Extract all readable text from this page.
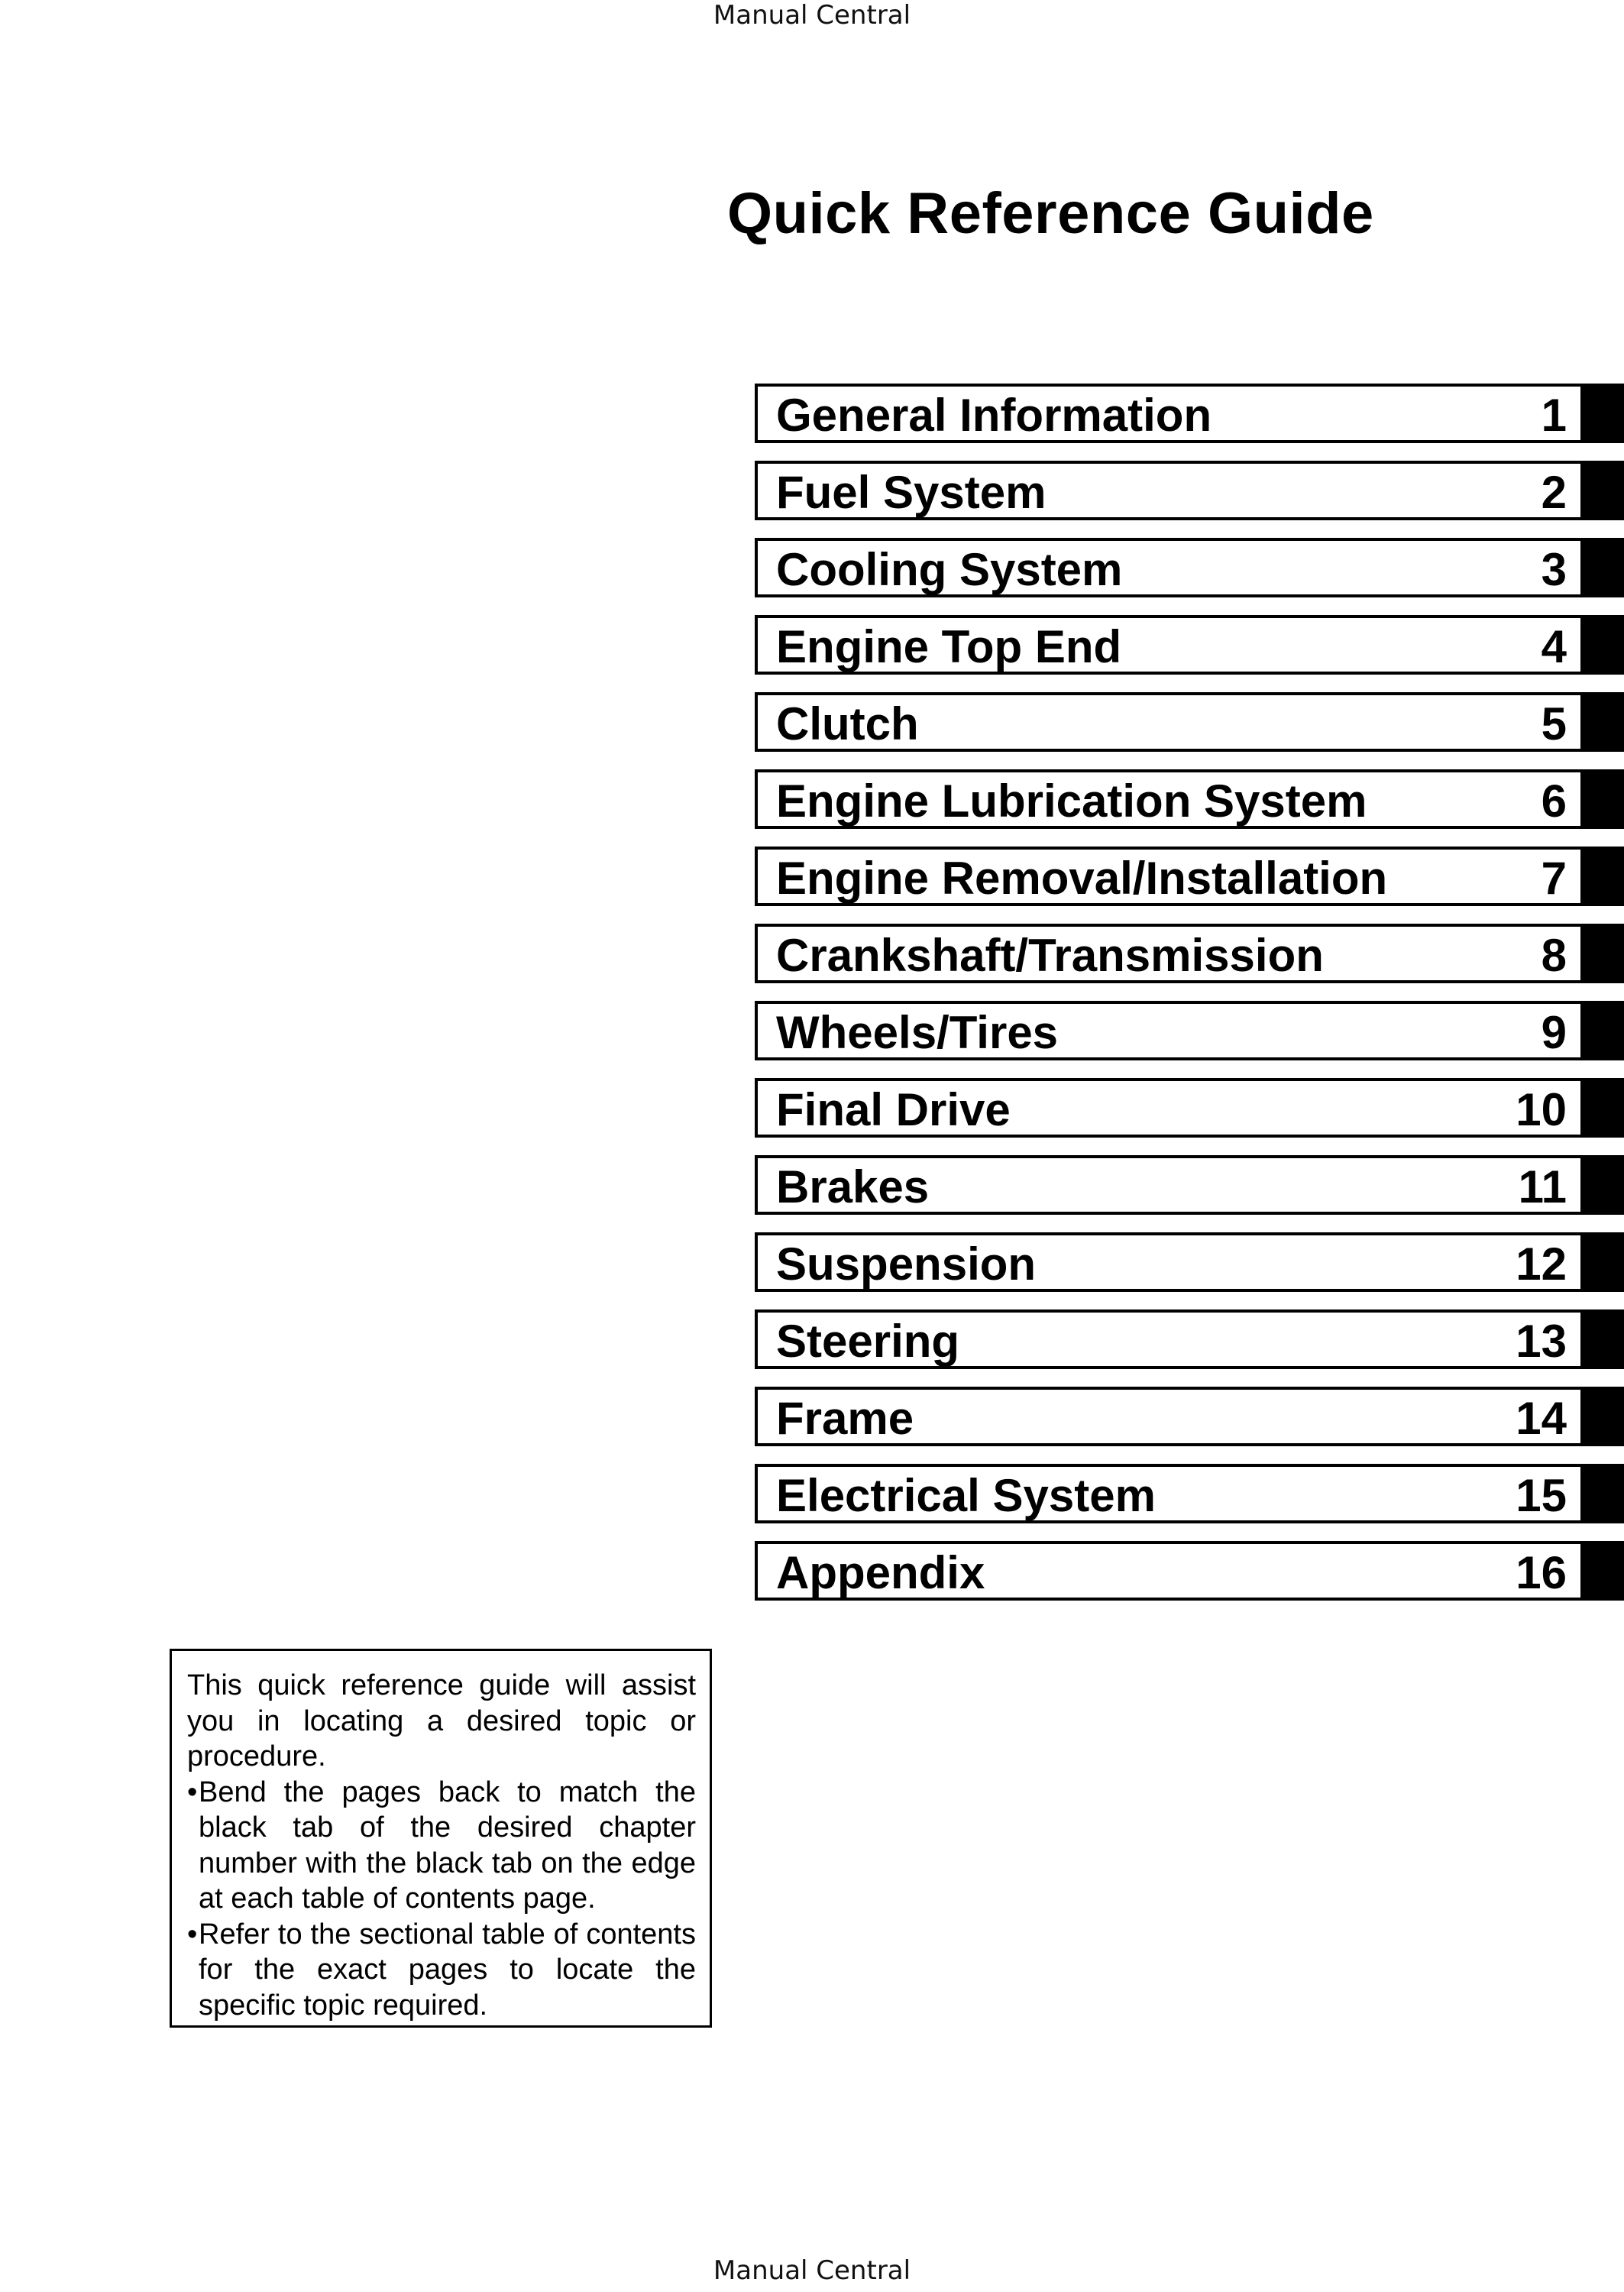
Manual Central
Quick Reference Guide
General Information	1
Fuel System	2
Cooling System	3
Engine Top End	4
Clutch	5
Engine Lubrication System	6
Engine Removal/Installation	7
Crankshaft/Transmission	8
Wheels/Tires	9
Final Drive	10
Brakes	11
Suspension	12
Steering	13
Frame	14
Electrical System	15
Appendix	16

This quick reference guide will assist you in locating a desired topic or procedure.

• Bend the pages back to match the black tab of the desired chapter number with the black tab on the edge at each table of contents page.
• Refer to the sectional table of contents for the exact pages to locate the specific topic required.
Manual Central
